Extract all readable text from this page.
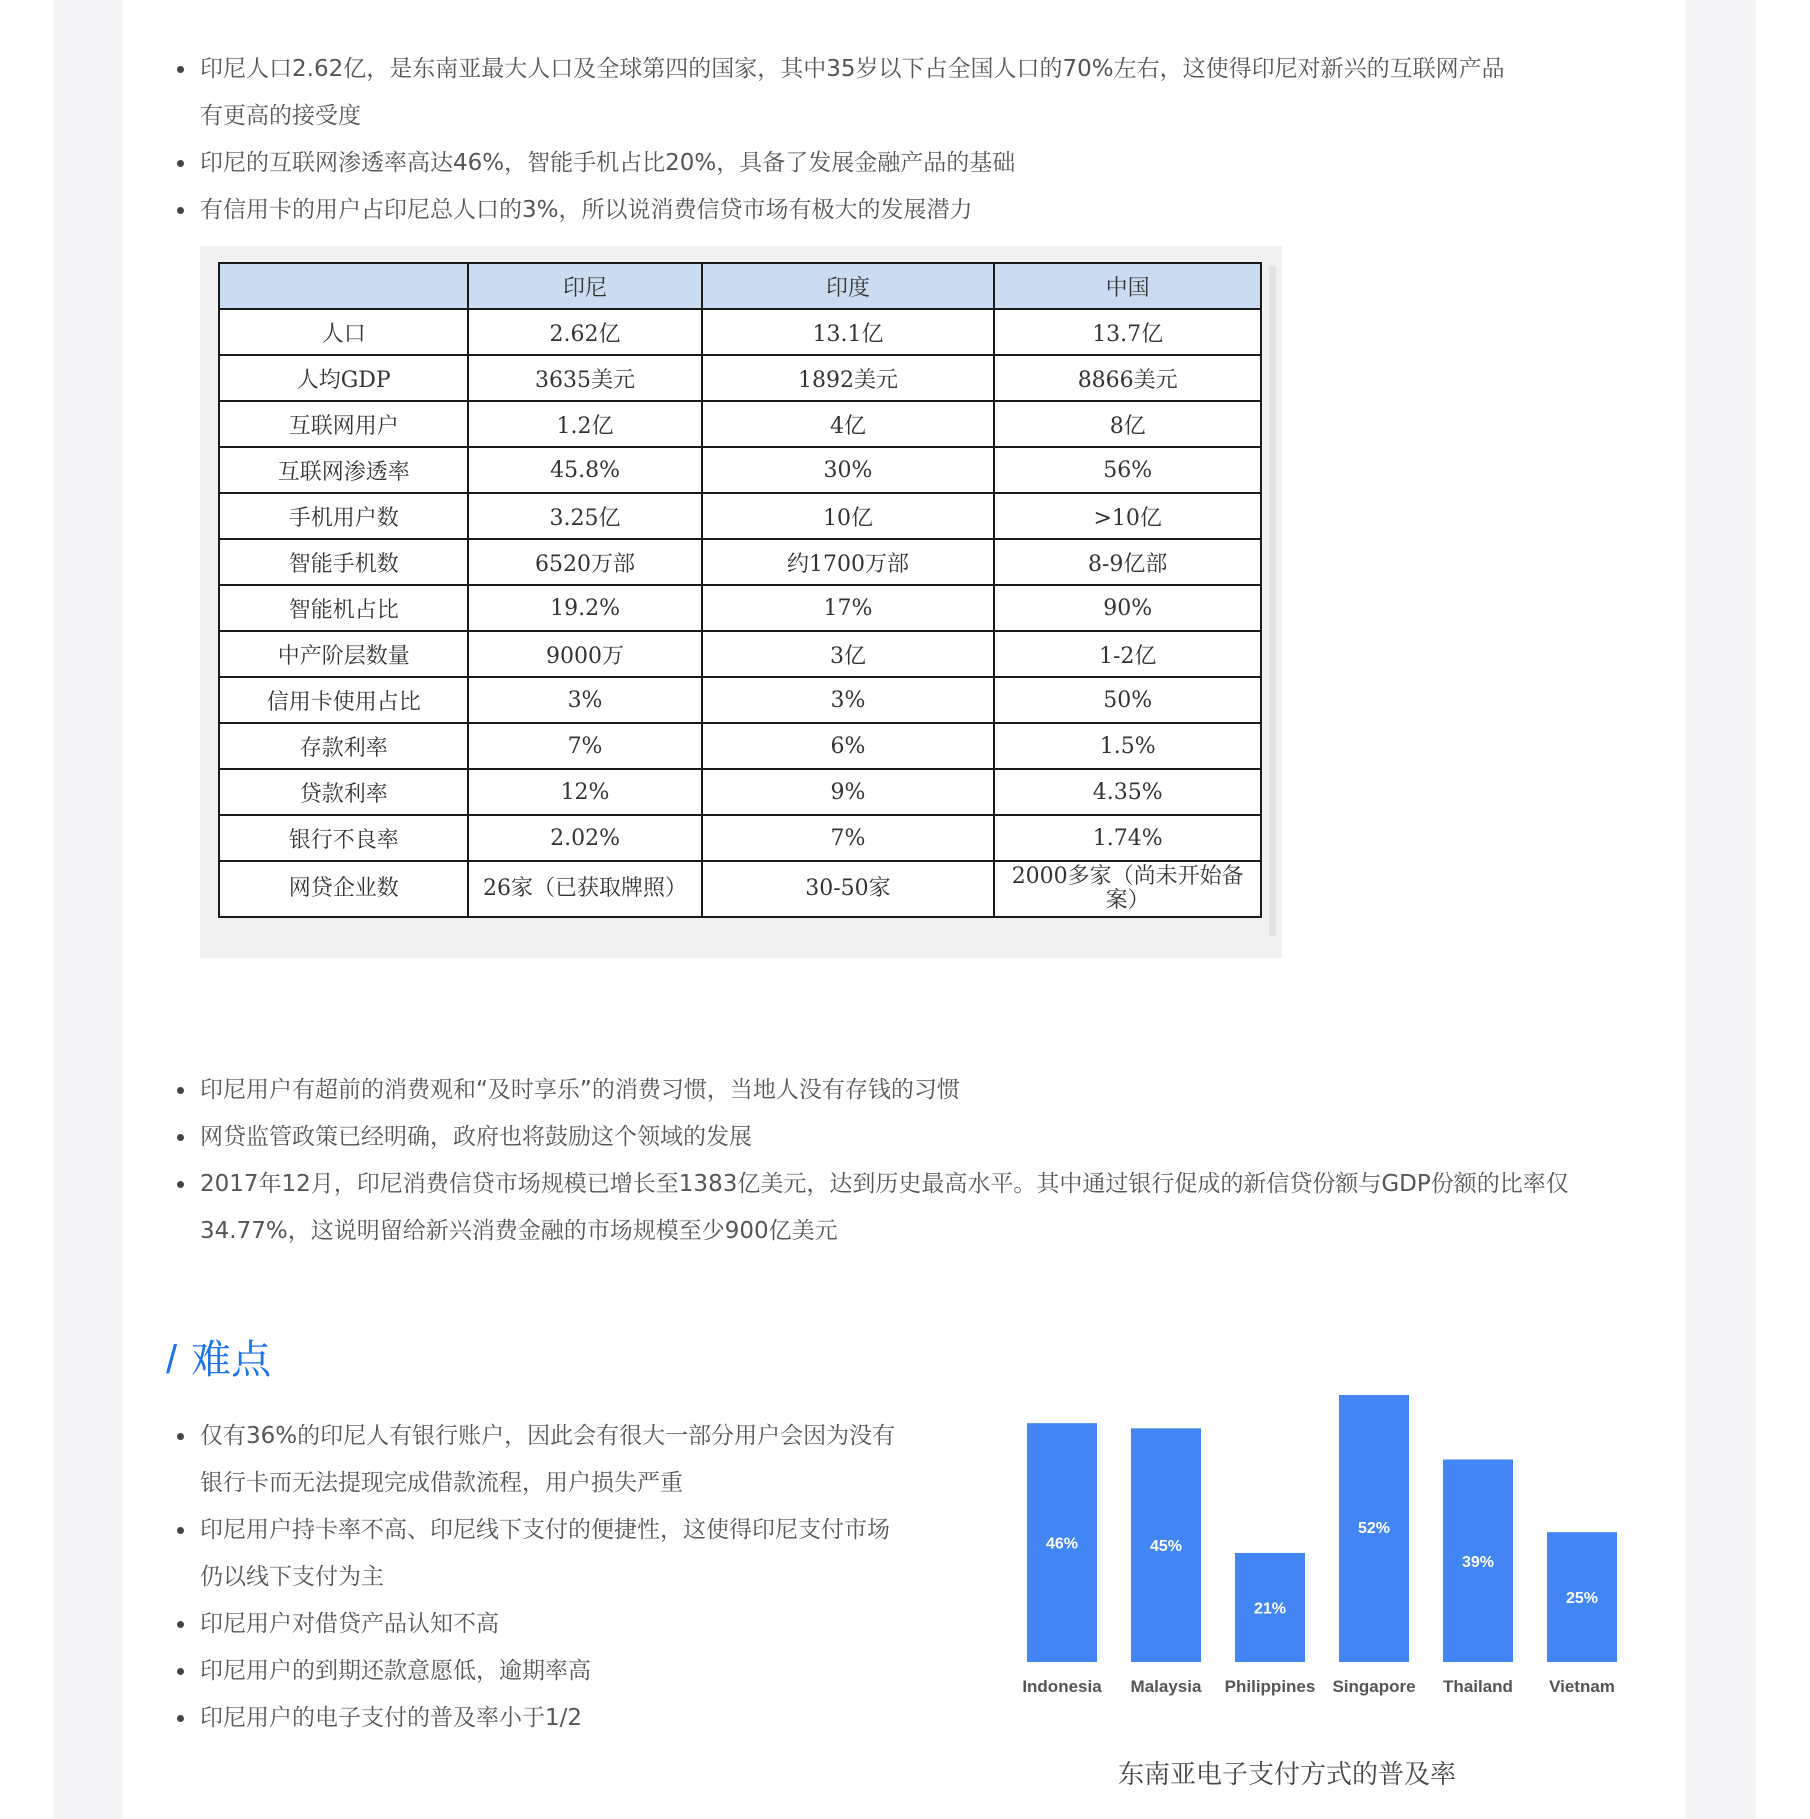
印尼人口2.62亿，是东南亚最大人口及全球第四的国家，其中35岁以下占全国人口的70%左右，这使得印尼对新兴的互联网产品有更高的接受度
印尼的互联网渗透率高达46%，智能手机占比20%，具备了发展金融产品的基础
有信用卡的用户占印尼总人口的3%，所以说消费信贷市场有极大的发展潜力
	印尼	印度	中国
人口	2.62亿	13.1亿	13.7亿
人均GDP	3635美元	1892美元	8866美元
互联网用户	1.2亿	4亿	8亿
互联网渗透率	45.8%	30%	56%
手机用户数	3.25亿	10亿	>10亿
智能手机数	6520万部	约1700万部	8-9亿部
智能机占比	19.2%	17%	90%
中产阶层数量	9000万	3亿	1-2亿
信用卡使用占比	3%	3%	50%
存款利率	7%	6%	1.5%
贷款利率	12%	9%	4.35%
银行不良率	2.02%	7%	1.74%
网贷企业数	26家（已获取牌照）	30-50家	2000多家（尚未开始备案）
印尼用户有超前的消费观和“及时享乐”的消费习惯，当地人没有存钱的习惯
网贷监管政策已经明确，政府也将鼓励这个领域的发展
2017年12月，印尼消费信贷市场规模已增长至1383亿美元，达到历史最高水平。其中通过银行促成的新信贷份额与GDP份额的比率仅34.77%，这说明留给新兴消费金融的市场规模至少900亿美元
/ 难点
仅有36%的印尼人有银行账户，因此会有很大一部分用户会因为没有银行卡而无法提现完成借款流程，用户损失严重
印尼用户持卡率不高、印尼线下支付的便捷性，这使得印尼支付市场仍以线下支付为主
印尼用户对借贷产品认知不高
印尼用户的到期还款意愿低，逾期率高
印尼用户的电子支付的普及率小于1/2
46%
Indonesia
45%
Malaysia
21%
Philippines
52%
Singapore
39%
Thailand
25%
Vietnam
东南亚电子支付方式的普及率
